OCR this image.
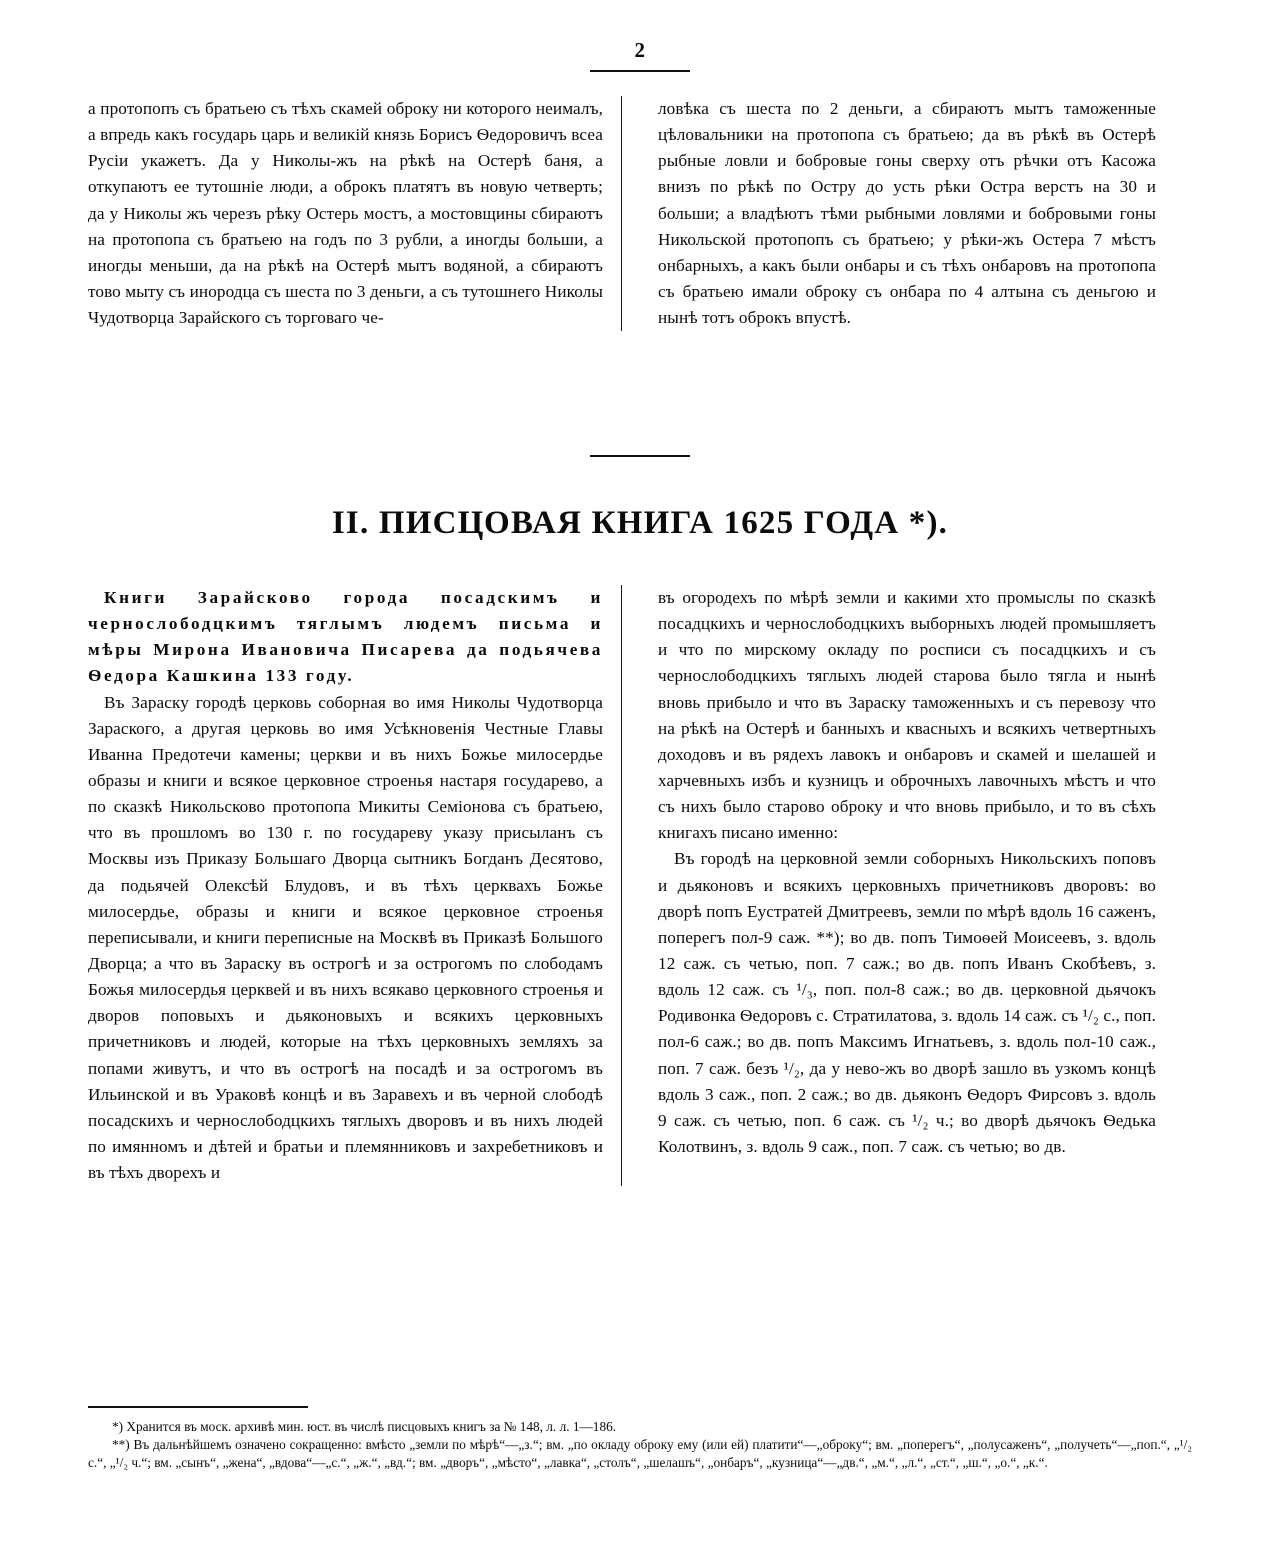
2
а протопопъ съ братьею съ тѣхъ скамей оброку ни которого неималъ, а впредь какъ государь царь и великій князь Борисъ Ѳедоровичъ всеа Русіи укажетъ. Да у Николы-жъ на рѣкѣ на Остерѣ баня, а откупаютъ ее тутошніе люди, а оброкъ платятъ въ новую четверть; да у Николы жъ черезъ рѣку Остерь мостъ, а мостовщины сбираютъ на протопопа съ братьею на годъ по 3 рубли, а иногды больши, а иногды меньши, да на рѣкѣ на Остерѣ мытъ водяной, а сбираютъ тово мыту съ инородца съ шеста по 3 деньги, а съ тутошнего Николы Чудотворца Зарайского съ торговаго че-
ловѣка съ шеста по 2 деньги, а сбираютъ мытъ таможенные цѣловальники на протопопа съ братьею; да въ рѣкѣ въ Остерѣ рыбные ловли и бобровые гоны сверху отъ рѣчки отъ Касожа внизъ по рѣкѣ по Остру до усть рѣки Остра верстъ на 30 и больши; а владѣютъ тѣми рыбными ловлями и бобровыми гоны Никольской протопопъ съ братьею; у рѣки-жъ Остера 7 мѣстъ онбарныхъ, а какъ были онбары и съ тѣхъ онбаровъ на протопопа съ братьею имали оброку съ онбара по 4 алтына съ деньгою и нынѣ тотъ оброкъ впустѣ.
II. ПИСЦОВАЯ КНИГА 1625 ГОДА *).

Книги Зарайсково города посадскимъ и чернослободцкимъ тяглымъ людемъ письма и мѣры Мирона Ивановича Писарева да подьячева Ѳедора Кашкина 133 году.

Въ Зараску городѣ церковь соборная во имя Николы Чудотворца Зараского, а другая церковь во имя Усѣкновенія Честные Главы Иванна Предотечи камены; церкви и въ нихъ Божье милосердье образы и книги и всякое церковное строенья настаря государево, а по сказкѣ Никольсково протопопа Микиты Семіонова съ братьею, что въ прошломъ во 130 г. по государеву указу присыланъ съ Москвы изъ Приказу Большаго Дворца сытникъ Богданъ Десятово, да подьячей Олексѣй Блудовъ, и въ тѣхъ церквахъ Божье милосердье, образы и книги и всякое церковное строенья переписывали, и книги переписные на Москвѣ въ Приказѣ Большого Дворца; а что въ Зараску въ острогѣ и за острогомъ по слободамъ Божья милосердья церквей и въ нихъ всякаво церковного строенья и дворов поповыхъ и дьяконовыхъ и всякихъ церковныхъ причетниковъ и людей, которые на тѣхъ церковныхъ земляхъ за попами живутъ, и что въ острогѣ на посадѣ и за острогомъ въ Ильинской и въ Ураковѣ концѣ и въ Заравехъ и въ черной слободѣ посадскихъ и чернослободцкихъ тяглыхъ дворовъ и въ нихъ людей по имянномъ и дѣтей и братьи и племянниковъ и захребетниковъ и въ тѣхъ дворехъ и

въ огородехъ по мѣрѣ земли и какими хто промыслы по сказкѣ посадцкихъ и чернослободцкихъ выборныхъ людей промышляетъ и что по мирскому окладу по росписи съ посадцкихъ и съ чернослободцкихъ тяглыхъ людей старова было тягла и нынѣ вновь прибыло и что въ Зараску таможенныхъ и съ перевозу что на рѣкѣ на Остерѣ и банныхъ и квасныхъ и всякихъ четвертныхъ доходовъ и въ рядехъ лавокъ и онбаровъ и скамей и шелашей и харчевныхъ избъ и кузницъ и оброчныхъ лавочныхъ мѣстъ и что съ нихъ было старово оброку и что вновь прибыло, и то въ сѣхъ книгахъ писано именно:

Въ городѣ на церковной земли соборныхъ Никольскихъ поповъ и дьяконовъ и всякихъ церковныхъ причетниковъ дворовъ: во дворѣ попъ Еустратей Дмитреевъ, земли по мѣрѣ вдоль 16 саженъ, поперегъ пол-9 саж. **); во дв. попъ Тимоѳей Моисеевъ, з. вдоль 12 саж. съ четью, поп. 7 саж.; во дв. попъ Иванъ Скобѣевъ, з. вдоль 12 саж. съ ¹/₃, поп. пол-8 саж.; во дв. церковной дьячокъ Родивонка Ѳедоровъ с. Стратилатова, з. вдоль 14 саж. съ ¹/₂ с., поп. пол-6 саж.; во дв. попъ Максимъ Игнатьевъ, з. вдоль пол-10 саж., поп. 7 саж. безъ ¹/₂, да у нево-жъ во дворѣ зашло въ узкомъ концѣ вдоль 3 саж., поп. 2 саж.; во дв. дьяконъ Ѳедоръ Фирсовъ з. вдоль 9 саж. съ четью, поп. 6 саж. съ ¹/₂ ч.; во дворѣ дьячокъ Ѳедька Колотвинъ, з. вдоль 9 саж., поп. 7 саж. съ четью; во дв.

*) Хранится въ моск. архивѣ мин. юст. въ числѣ писцовыхъ книгъ за № 148, л. л. 1—186.

**) Въ дальнѣйшемъ означено сокращенно: вмѣсто „земли по мѣрѣ“—„з.“; вм. „по окладу оброку ему (или ей) платити“—„оброку“; вм. „поперегъ“, „полусаженъ“, „получеть“—„поп.“, „¹/₂ с.“, „¹/₂ ч.“; вм. „сынъ“, „жена“, „вдова“—„с.“, „ж.“, „вд.“; вм. „дворъ“, „мѣсто“, „лавка“, „столъ“, „шелашъ“, „онбаръ“, „кузница“—„дв.“, „м.“, „л.“, „ст.“, „ш.“, „о.“, „к.“.
